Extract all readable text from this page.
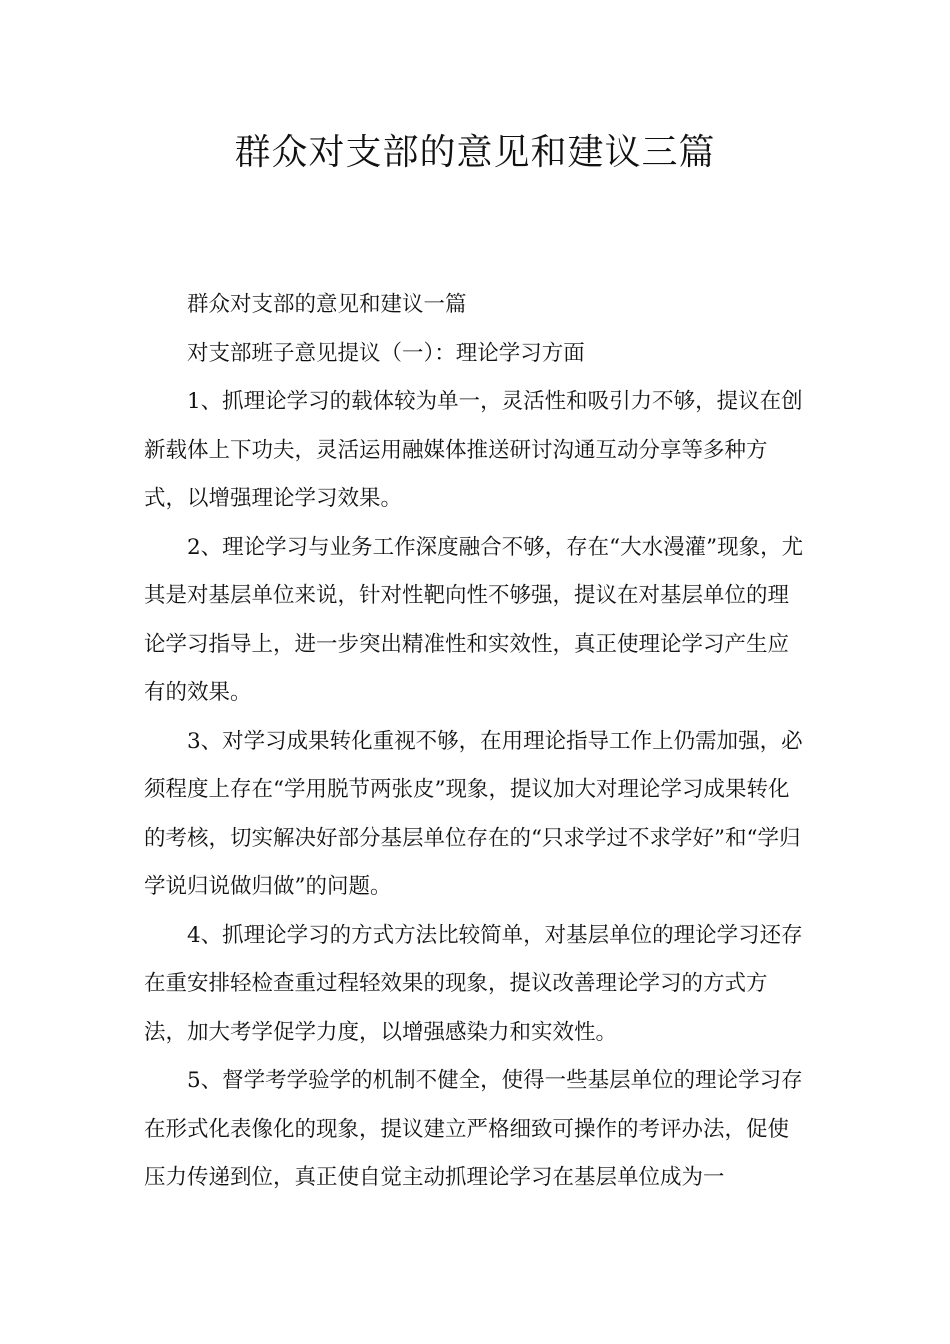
群众对支部的意见和建议三篇

群众对支部的意见和建议一篇

对支部班子意见提议（一）：理论学习方面

1、抓理论学习的载体较为单一，灵活性和吸引力不够，提议在创新载体上下功夫，灵活运用融媒体推送研讨沟通互动分享等多种方式，以增强理论学习效果。

2、理论学习与业务工作深度融合不够，存在“大水漫灌”现象，尤其是对基层单位来说，针对性靶向性不够强，提议在对基层单位的理论学习指导上，进一步突出精准性和实效性，真正使理论学习产生应有的效果。

3、对学习成果转化重视不够，在用理论指导工作上仍需加强，必须程度上存在“学用脱节两张皮”现象，提议加大对理论学习成果转化的考核，切实解决好部分基层单位存在的“只求学过不求学好”和“学归学说归说做归做”的问题。

4、抓理论学习的方式方法比较简单，对基层单位的理论学习还存在重安排轻检查重过程轻效果的现象，提议改善理论学习的方式方法，加大考学促学力度，以增强感染力和实效性。

5、督学考学验学的机制不健全，使得一些基层单位的理论学习存在形式化表像化的现象，提议建立严格细致可操作的考评办法，促使压力传递到位，真正使自觉主动抓理论学习在基层单位成为一
